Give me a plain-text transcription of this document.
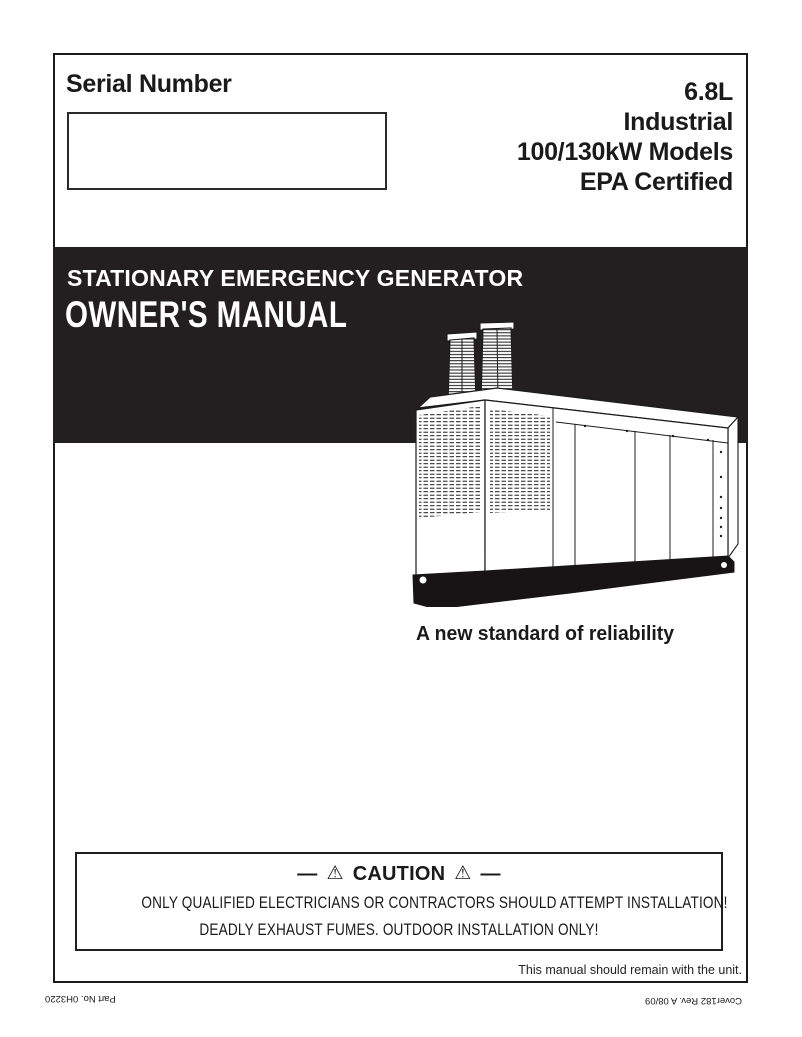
Serial Number	6.8L
Industrial
100/130kW Models
EPA Certified
STATIONARY EMERGENCY GENERATOR
OWNER'S MANUAL
A new standard of reliability
— ⚠ CAUTION ⚠ —
ONLY QUALIFIED ELECTRICIANS OR CONTRACTORS SHOULD ATTEMPT INSTALLATION!
DEADLY EXHAUST FUMES. OUTDOOR INSTALLATION ONLY!
This manual should remain with the unit.
Part No. 0H3220	Cover182 Rev. A 08/09
